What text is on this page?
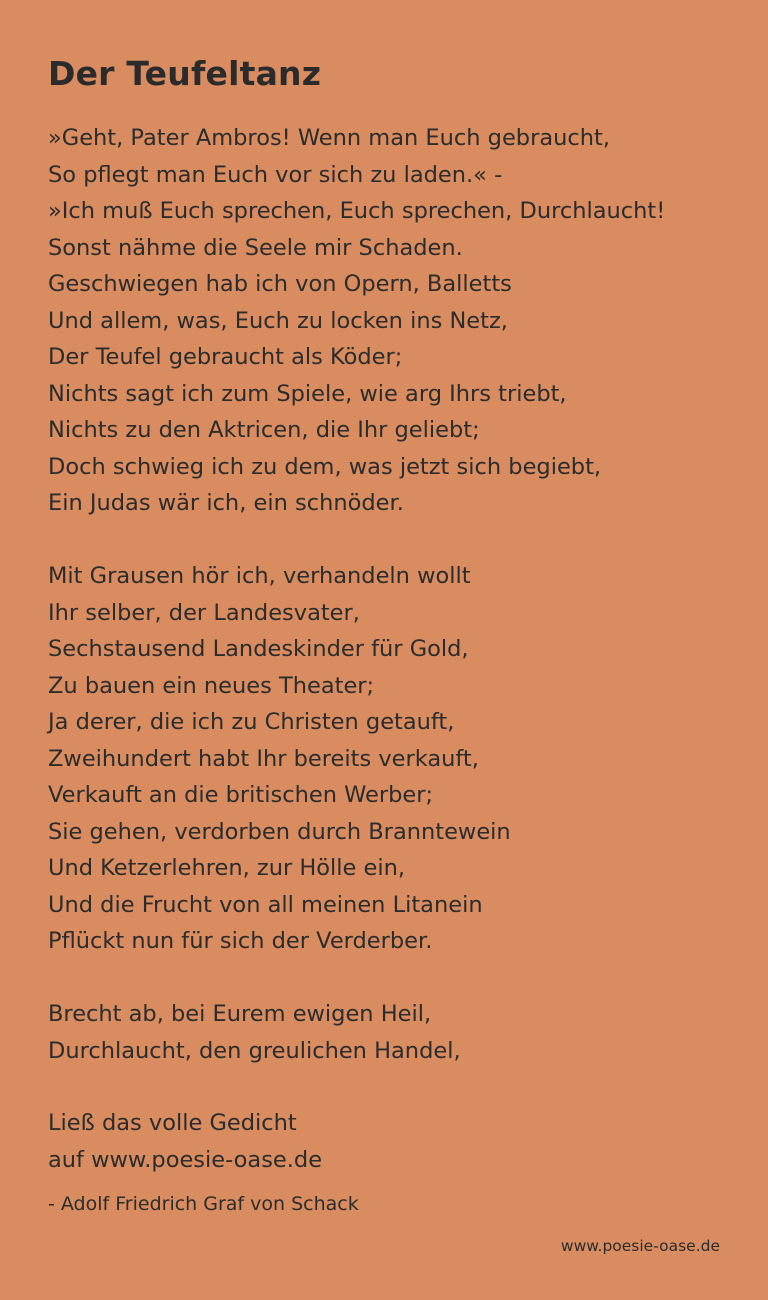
Der Teufeltanz
»Geht, Pater Ambros! Wenn man Euch gebraucht,
So pflegt man Euch vor sich zu laden.« -
»Ich muß Euch sprechen, Euch sprechen, Durchlaucht!
Sonst nähme die Seele mir Schaden.
Geschwiegen hab ich von Opern, Balletts
Und allem, was, Euch zu locken ins Netz,
Der Teufel gebraucht als Köder;
Nichts sagt ich zum Spiele, wie arg Ihrs triebt,
Nichts zu den Aktricen, die Ihr geliebt;
Doch schwieg ich zu dem, was jetzt sich begiebt,
Ein Judas wär ich, ein schnöder.
Mit Grausen hör ich, verhandeln wollt
Ihr selber, der Landesvater,
Sechstausend Landeskinder für Gold,
Zu bauen ein neues Theater;
Ja derer, die ich zu Christen getauft,
Zweihundert habt Ihr bereits verkauft,
Verkauft an die britischen Werber;
Sie gehen, verdorben durch Branntewein
Und Ketzerlehren, zur Hölle ein,
Und die Frucht von all meinen Litanein
Pflückt nun für sich der Verderber.
Brecht ab, bei Eurem ewigen Heil,
Durchlaucht, den greulichen Handel,
Ließ das volle Gedicht
auf www.poesie-oase.de
- Adolf Friedrich Graf von Schack
www.poesie-oase.de
